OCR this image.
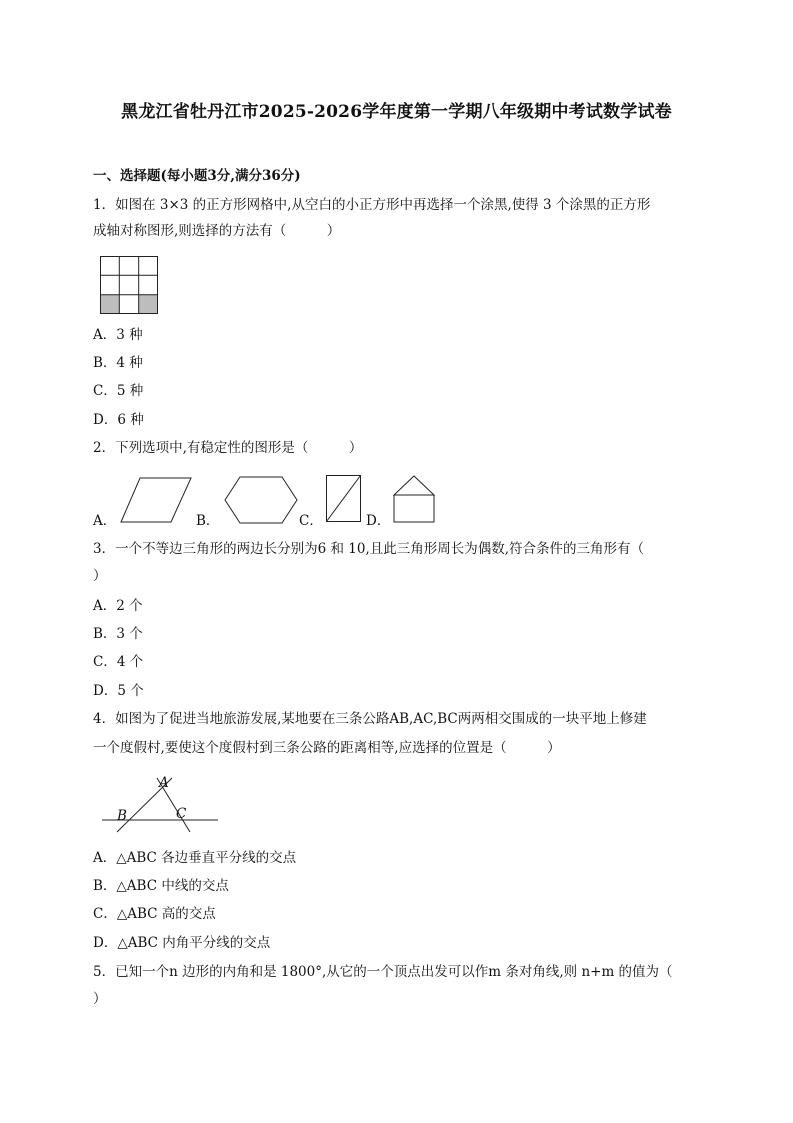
黑龙江省牡丹江市2025-2026学年度第一学期八年级期中考试数学试卷
一、选择题(每小题3分,满分36分)
1．如图在 3×3 的正方形网格中,从空白的小正方形中再选择一个涂黑,使得 3 个涂黑的正方形
成轴对称图形,则选择的方法有（　　　）
A．3 种
B．4 种
C．5 种
D．6 种
2．下列选项中,有稳定性的图形是（　　　）
A．	B．	C．	D．
3．一个不等边三角形的两边长分别为6 和 10,且此三角形周长为偶数,符合条件的三角形有（
）
A．2 个
B．3 个
C．4 个
D．5 个
4．如图为了促进当地旅游发展,某地要在三条公路AB,AC,BC两两相交围成的一块平地上修建
一个度假村,要使这个度假村到三条公路的距离相等,应选择的位置是（　　　）
A
B	C
A．△ABC 各边垂直平分线的交点
B．△ABC 中线的交点
C．△ABC 高的交点
D．△ABC 内角平分线的交点
5．已知一个n 边形的内角和是 1800°,从它的一个顶点出发可以作m 条对角线,则 n+m 的值为（
）
